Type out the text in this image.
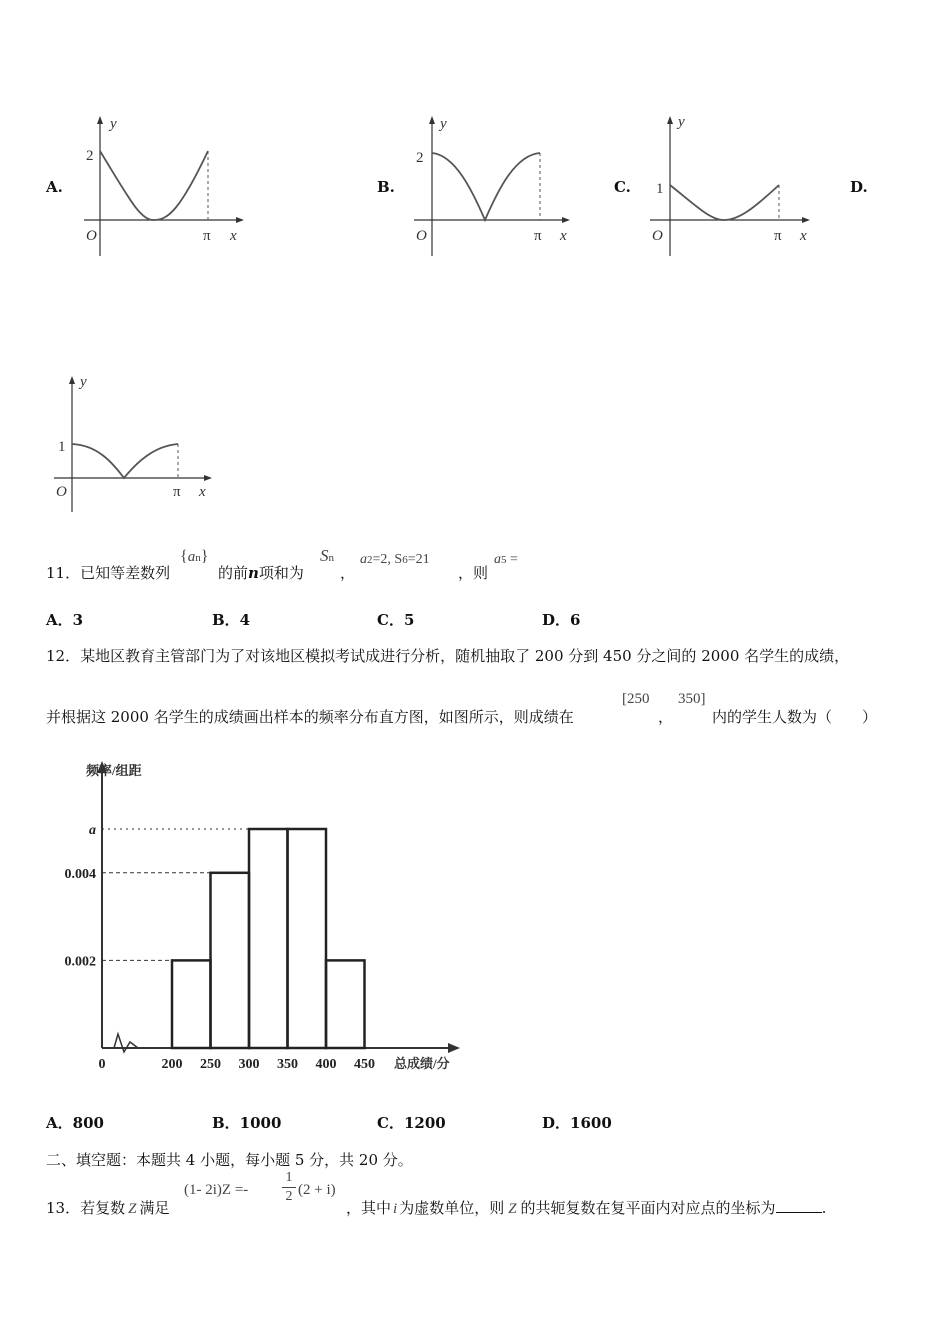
A.
y
x
O	π
2
B.
y
x
O	π
2
C.
y
x
O	π
1	D.
y
x
O	π
1
11．已知等差数列
{an}
的前n项和为
Sn
，
a2=2, S6=21
，则
a5 =
A．3	B．4	C．5	D．6
12．某地区教育主管部门为了对该地区模拟考试成进行分析，随机抽取了 200 分到 450 分之间的 2000 名学生的成绩，
并根据这 2000 名学生的成绩画出样本的频率分布直方图，如图所示，则成绩在
[250
，
350]
内的学生人数为（　　）
频率/组距
总成绩/分
0.002
0.004
a
0	200 250 300 350 400 450
A．800	B．1000	C．1200	D．1600
二、填空题：本题共 4 小题，每小题 5 分，共 20 分。
13．若复数 Z 满足
(1- 2i)Z =-
1
2 (2 + i)
，其中 i 为虚数单位，则 Z 的共轭复数在复平面内对应点的坐标为	.
